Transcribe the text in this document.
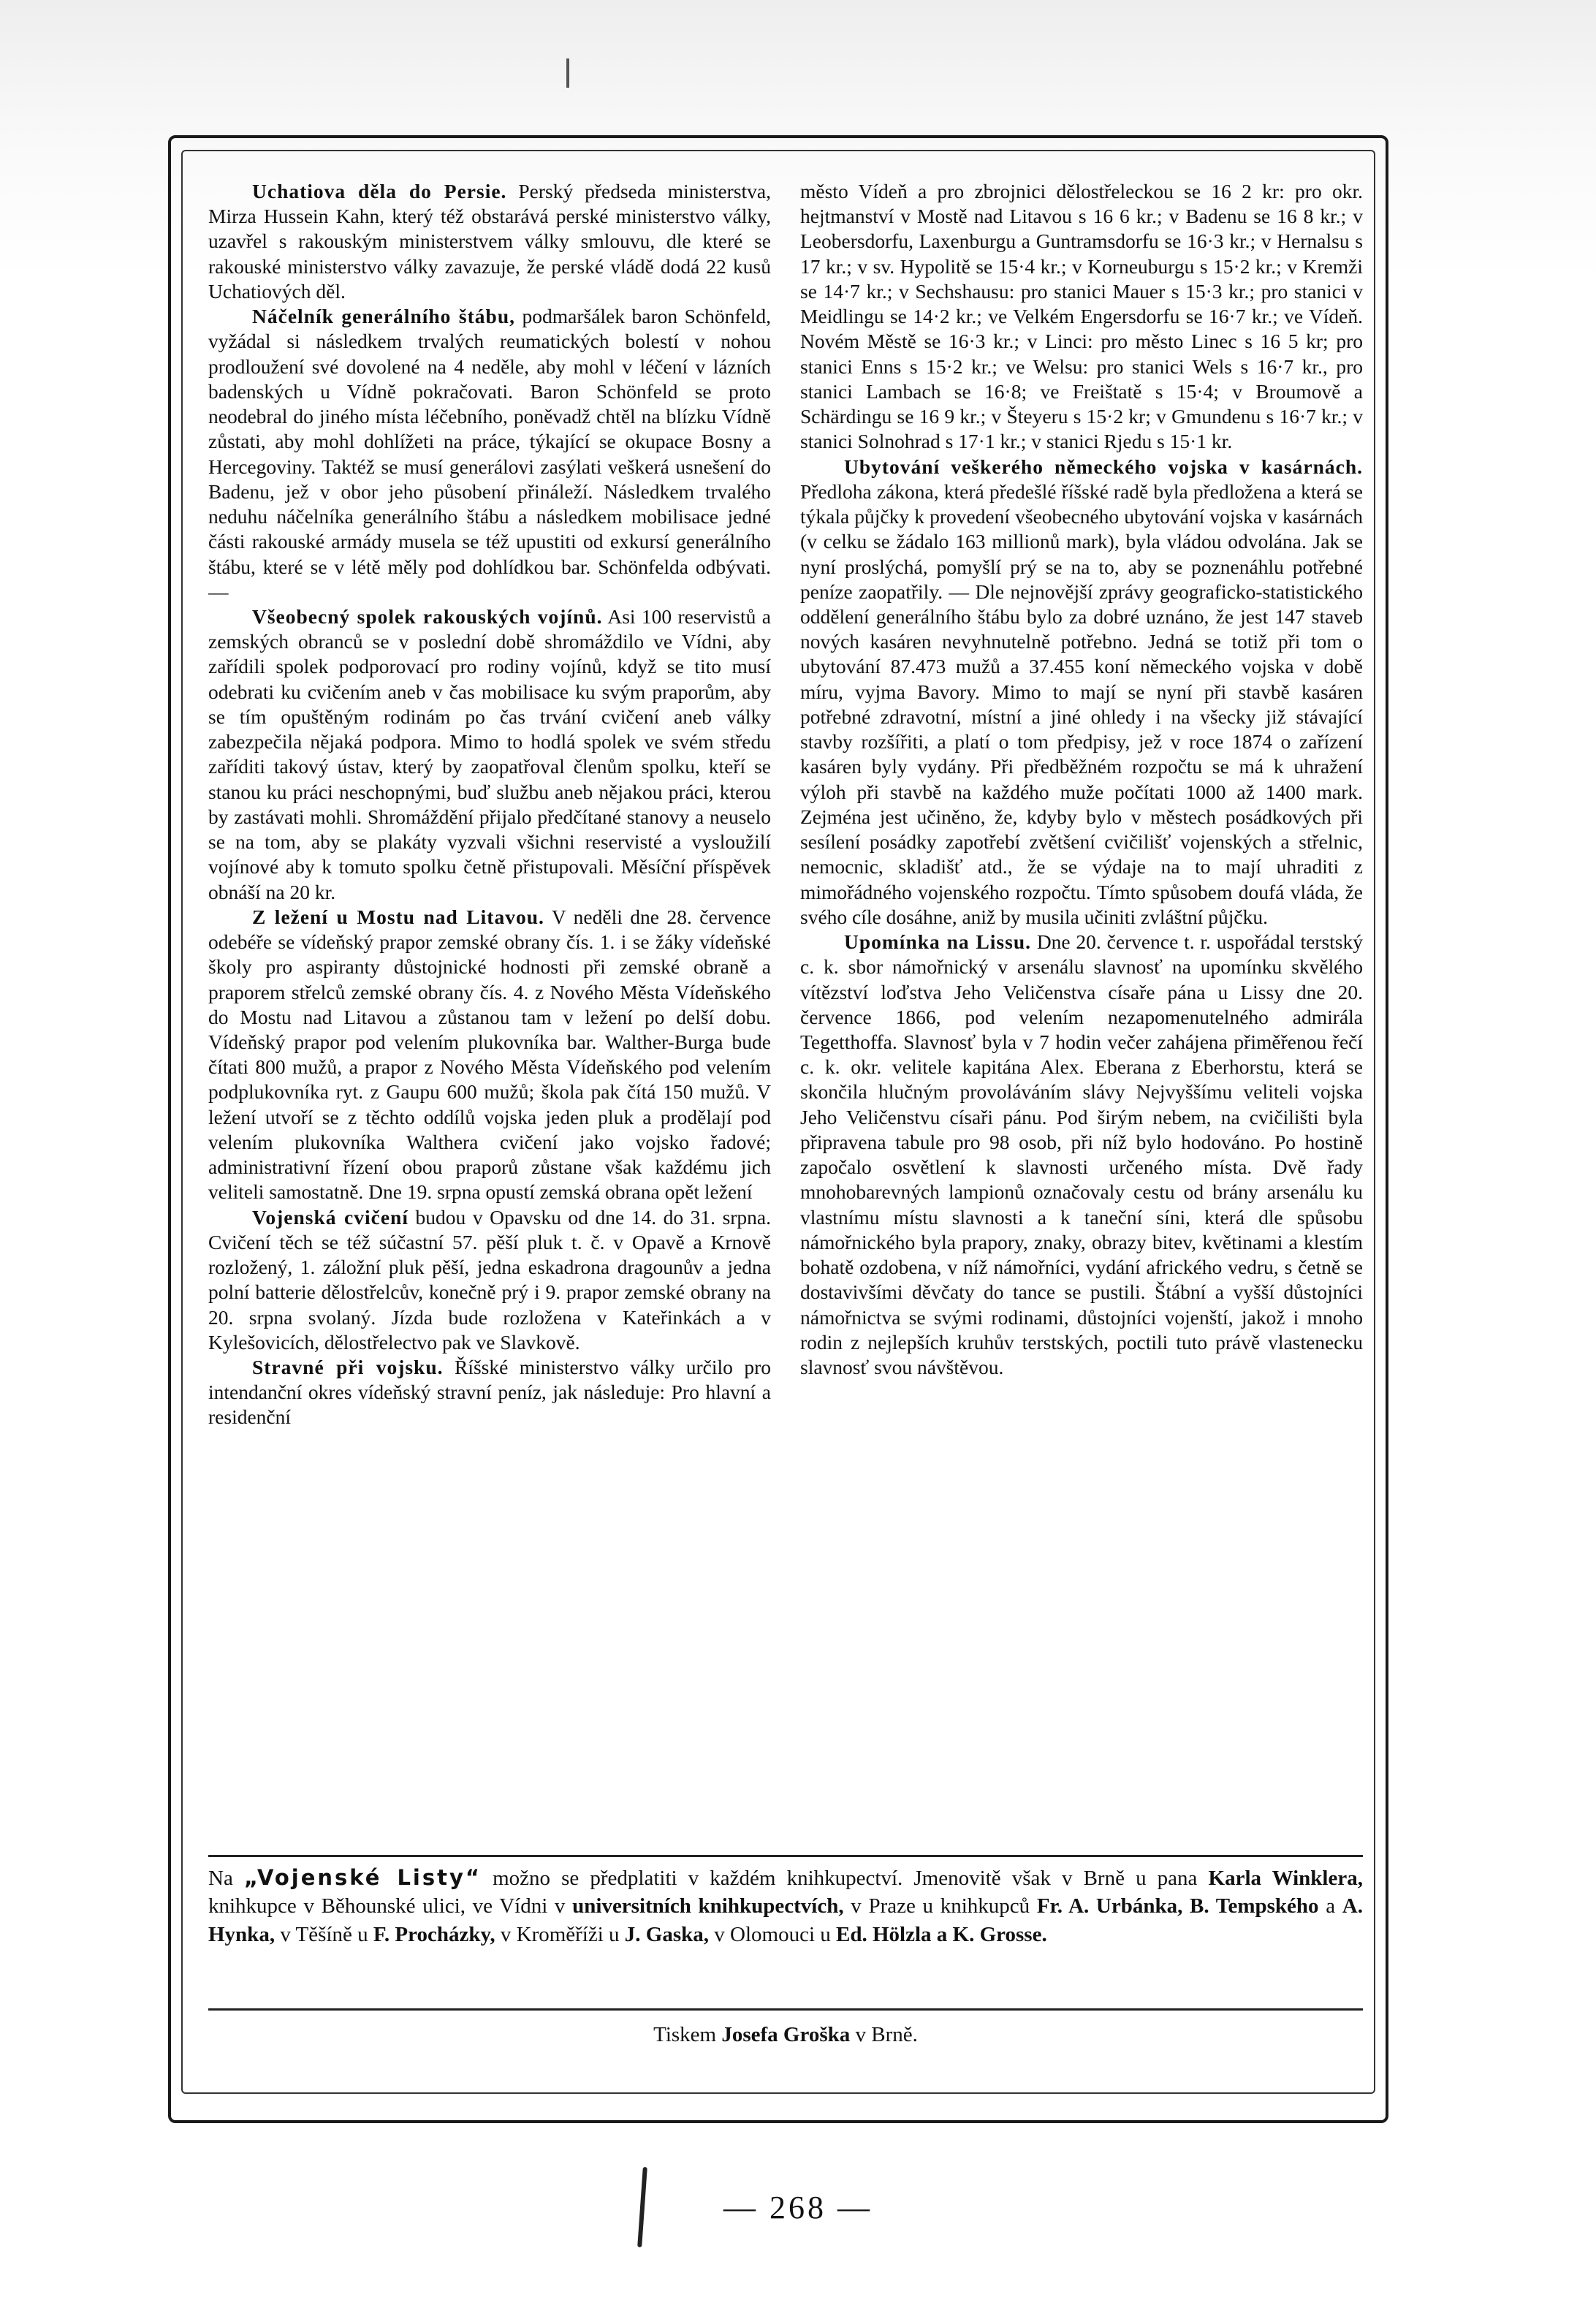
Uchatiova děla do Persie. Perský předseda ministerstva, Mirza Hussein Kahn, který též obstarává perské ministerstvo války, uzavřel s rakouským ministerstvem války smlouvu, dle které se rakouské ministerstvo války zavazuje, že perské vládě dodá 22 kusů Uchatiových děl.

Náčelník generálního štábu, podmaršálek baron Schönfeld, vyžádal si následkem trvalých reumatických bolestí v nohou prodloužení své dovolené na 4 neděle, aby mohl v léčení v lázních badenských u Vídně pokračovati. Baron Schönfeld se proto neodebral do jiného místa léčebního, poněvadž chtěl na blízku Vídně zůstati, aby mohl dohlížeti na práce, týkající se okupace Bosny a Hercegoviny. Taktéž se musí generálovi zasýlati veškerá usnešení do Badenu, jež v obor jeho působení přináleží. Následkem trvalého neduhu náčelníka generálního štábu a následkem mobilisace jedné části rakouské armády musela se též upustiti od exkursí generálního štábu, které se v létě měly pod dohlídkou bar. Schönfelda odbývati. —

Všeobecný spolek rakouských vojínů. Asi 100 reservistů a zemských obranců se v poslední době shromáždilo ve Vídni, aby zařídili spolek podporovací pro rodiny vojínů, když se tito musí odebrati ku cvičením aneb v čas mobilisace ku svým praporům, aby se tím opuštěným rodinám po čas trvání cvičení aneb války zabezpečila nějaká podpora. Mimo to hodlá spolek ve svém středu zaříditi takový ústav, který by zaopatřoval členům spolku, kteří se stanou ku práci neschopnými, buď službu aneb nějakou práci, kterou by zastávati mohli. Shromáždění přijalo předčítané stanovy a neuselo se na tom, aby se plakáty vyzvali všichni reservisté a vysloužilí vojínové aby k tomuto spolku četně přistupovali. Měsíční příspěvek obnáší na 20 kr.

Z ležení u Mostu nad Litavou. V neděli dne 28. července odebéře se vídeňský prapor zemské obrany čís. 1. i se žáky vídeňské školy pro aspiranty důstojnické hodnosti při zemské obraně a praporem střelců zemské obrany čís. 4. z Nového Města Vídeňského do Mostu nad Litavou a zůstanou tam v ležení po delší dobu. Vídeňský prapor pod velením plukovníka bar. Walther-Burga bude čítati 800 mužů, a prapor z Nového Města Vídeňského pod velením podplukovníka ryt. z Gaupu 600 mužů; škola pak čítá 150 mužů. V ležení utvoří se z těchto oddílů vojska jeden pluk a prodělají pod velením plukovníka Walthera cvičení jako vojsko řadové; administrativní řízení obou praporů zůstane však každému jich veliteli samostatně. Dne 19. srpna opustí zemská obrana opět ležení

Vojenská cvičení budou v Opavsku od dne 14. do 31. srpna. Cvičení těch se též súčastní 57. pěší pluk t. č. v Opavě a Krnově rozložený, 1. záložní pluk pěší, jedna eskadrona dragounův a jedna polní batterie dělostřelcův, konečně prý i 9. prapor zemské obrany na 20. srpna svolaný. Jízda bude rozložena v Kateřinkách a v Kylešovicích, dělostřelectvo pak ve Slavkově.

Stravné při vojsku. Říšské ministerstvo války určilo pro intendanční okres vídeňský stravní peníz, jak následuje: Pro hlavní a residenční

město Vídeň a pro zbrojnici dělostřeleckou se 16 2 kr: pro okr. hejtmanství v Mostě nad Litavou s 16 6 kr.; v Badenu se 16 8 kr.; v Leobersdorfu, Laxenburgu a Guntramsdorfu se 16·3 kr.; v Hernalsu s 17 kr.; v sv. Hypolitě se 15·4 kr.; v Korneuburgu s 15·2 kr.; v Kremži se 14·7 kr.; v Sechshausu: pro stanici Mauer s 15·3 kr.; pro stanici v Meidlingu se 14·2 kr.; ve Velkém Engersdorfu se 16·7 kr.; ve Vídeň. Novém Městě se 16·3 kr.; v Linci: pro město Linec s 16 5 kr; pro stanici Enns s 15·2 kr.; ve Welsu: pro stanici Wels s 16·7 kr., pro stanici Lambach se 16·8; ve Freištatě s 15·4; v Broumově a Schärdingu se 16 9 kr.; v Šteyeru s 15·2 kr; v Gmundenu s 16·7 kr.; v stanici Solnohrad s 17·1 kr.; v stanici Rjedu s 15·1 kr.

Ubytování veškerého německého vojska v kasárnách. Předloha zákona, která předešlé říšské radě byla předložena a která se týkala půjčky k provedení všeobecného ubytování vojska v kasárnách (v celku se žádalo 163 millionů mark), byla vládou odvolána. Jak se nyní proslýchá, pomyšlí prý se na to, aby se poznenáhlu potřebné peníze zaopatřily. — Dle nejnovější zprávy geograficko-statistického oddělení generálního štábu bylo za dobré uznáno, že jest 147 staveb nových kasáren nevyhnutelně potřebno. Jedná se totiž při tom o ubytování 87.473 mužů a 37.455 koní německého vojska v době míru, vyjma Bavory. Mimo to mají se nyní při stavbě kasáren potřebné zdravotní, místní a jiné ohledy i na všecky již stávající stavby rozšířiti, a platí o tom předpisy, jež v roce 1874 o zařízení kasáren byly vydány. Při předběžném rozpočtu se má k uhražení výloh při stavbě na každého muže počítati 1000 až 1400 mark. Zejména jest učiněno, že, kdyby bylo v městech posádkových při sesílení posádky zapotřebí zvětšení cvičilišť vojenských a střelnic, nemocnic, skladišť atd., že se výdaje na to mají uhraditi z mimořádného vojenského rozpočtu. Tímto spůsobem doufá vláda, že svého cíle dosáhne, aniž by musila učiniti zvláštní půjčku.

Upomínka na Lissu. Dne 20. července t. r. uspořádal terstský c. k. sbor námořnický v arsenálu slavnosť na upomínku skvělého vítězství loďstva Jeho Veličenstva císaře pána u Lissy dne 20. července 1866, pod velením nezapomenutelného admirála Tegetthoffa. Slavnosť byla v 7 hodin večer zahájena přiměřenou řečí c. k. okr. velitele kapitána Alex. Eberana z Eberhorstu, která se skončila hlučným provoláváním slávy Nejvyššímu veliteli vojska Jeho Veličenstvu císaři pánu. Pod širým nebem, na cvičilišti byla připravena tabule pro 98 osob, při níž bylo hodováno. Po hostině započalo osvětlení k slavnosti určeného místa. Dvě řady mnohobarevných lampionů označovaly cestu od brány arsenálu ku vlastnímu místu slavnosti a k taneční síni, která dle spůsobu námořnického byla prapory, znaky, obrazy bitev, květinami a klestím bohatě ozdobena, v níž námořníci, vydání afrického vedru, s četně se dostavivšími děvčaty do tance se pustili. Štábní a vyšší důstojníci námořnictva se svými rodinami, důstojníci vojenští, jakož i mnoho rodin z nejlepších kruhův terstských, poctili tuto právě vlastenecku slavnosť svou návštěvou.

Na „Vojenské Listy“ možno se předplatiti v každém knihkupectví. Jmenovitě však v Brně u pana Karla Winklera, knihkupce v Běhounské ulici, ve Vídni v universitních knihkupectvích, v Praze u knihkupců Fr. A. Urbánka, B. Tempského a A. Hynka, v Těšíně u F. Procházky, v Kroměříži u J. Gaska, v Olomouci u Ed. Hölzla a K. Grosse.
Tiskem Josefa Groška v Brně.
— 268 —
